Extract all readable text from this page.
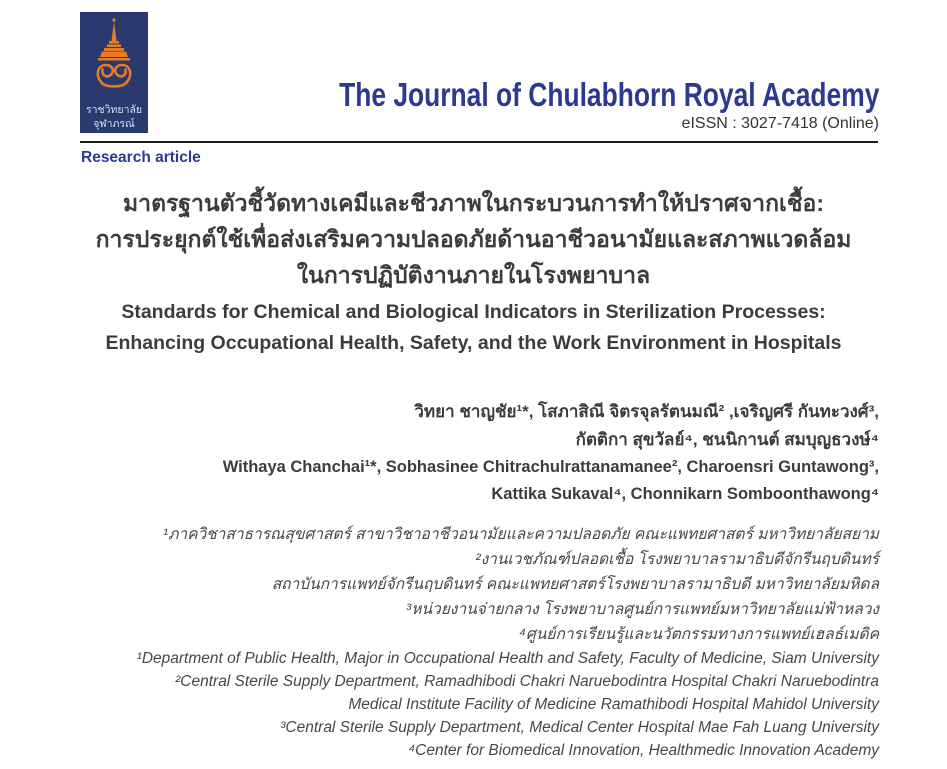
ราชวิทยาลัย
จุฬาภรณ์
The Journal of Chulabhorn Royal Academy
eISSN : 3027-7418 (Online)
Research article
มาตรฐานตัวชี้วัดทางเคมีและชีวภาพในกระบวนการทำให้ปราศจากเชื้อ:
การประยุกต์ใช้เพื่อส่งเสริมความปลอดภัยด้านอาชีวอนามัยและสภาพแวดล้อม
ในการปฏิบัติงานภายในโรงพยาบาล
Standards for Chemical and Biological Indicators in Sterilization Processes:
Enhancing Occupational Health, Safety, and the Work Environment in Hospitals
วิทยา ชาญชัย¹*, โสภาสิณี จิตรจุลรัตนมณี² ,เจริญศรี กันทะวงศ์³,
กัตติกา สุขวัลย์⁴, ชนนิกานต์ สมบุญธวงษ์⁴
Withaya Chanchai¹*, Sobhasinee Chitrachulrattanamanee², Charoensri Guntawong³,
Kattika Sukaval⁴, Chonnikarn Somboonthawong⁴
¹ภาควิชาสาธารณสุขศาสตร์ สาขาวิชาอาชีวอนามัยและความปลอดภัย คณะแพทยศาสตร์ มหาวิทยาลัยสยาม
²งานเวชภัณฑ์ปลอดเชื้อ โรงพยาบาลรามาธิบดีจักรีนฤบดินทร์
สถาบันการแพทย์จักรีนฤบดินทร์ คณะแพทยศาสตร์โรงพยาบาลรามาธิบดี มหาวิทยาลัยมหิดล
³หน่วยงานจ่ายกลาง โรงพยาบาลศูนย์การแพทย์มหาวิทยาลัยแม่ฟ้าหลวง
⁴ศูนย์การเรียนรู้และนวัตกรรมทางการแพทย์เฮลธ์เมดิค
¹Department of Public Health, Major in Occupational Health and Safety, Faculty of Medicine, Siam University
²Central Sterile Supply Department, Ramadhibodi Chakri Naruebodintra Hospital Chakri Naruebodintra
Medical Institute Facility of Medicine Ramathibodi Hospital Mahidol University
³Central Sterile Supply Department, Medical Center Hospital Mae Fah Luang University
⁴Center for Biomedical Innovation, Healthmedic Innovation Academy
